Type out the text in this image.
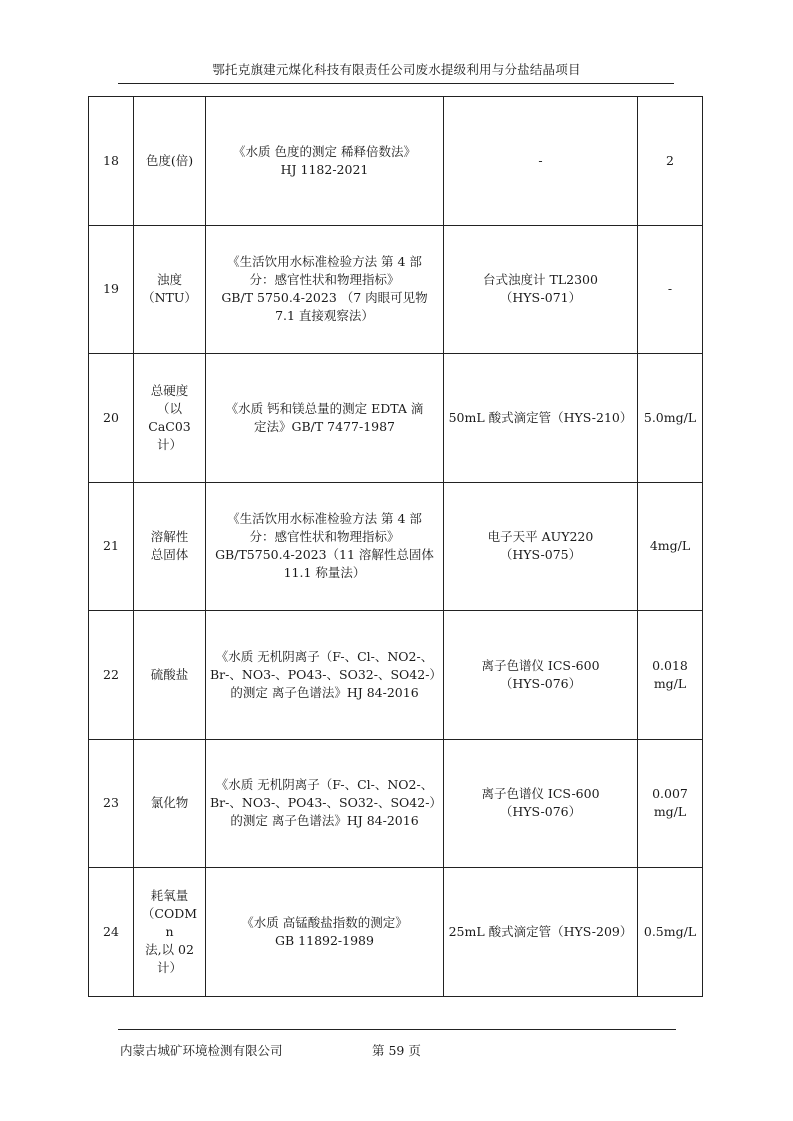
鄂托克旗建元煤化科技有限责任公司废水提级利用与分盐结晶项目
18	色度(倍)	《水质 色度的测定 稀释倍数法》
HJ 1182-2021	-	2

19	浊度
（NTU）	《生活饮用水标准检验方法 第 4 部
分：感官性状和物理指标》
GB/T 5750.4-2023 （7 肉眼可见物
7.1 直接观察法）	台式浊度计 TL2300
（HYS-071）	-

20	总硬度
（以
CaC03
计）	《水质 钙和镁总量的测定 EDTA 滴
定法》GB/T 7477-1987	50mL 酸式滴定管（HYS-210）	5.0mg/L

21	溶解性
总固体	《生活饮用水标准检验方法 第 4 部
分：感官性状和物理指标》
GB/T5750.4-2023（11 溶解性总固体
11.1 称量法）	电子天平 AUY220
（HYS-075）	4mg/L

22	硫酸盐	《水质 无机阴离子（F-、Cl-、NO2-、
Br-、NO3-、PO43-、SO32-、SO42-）
的测定 离子色谱法》HJ 84-2016	离子色谱仪 ICS-600
（HYS-076）	0.018
mg/L

23	氯化物	《水质 无机阴离子（F-、Cl-、NO2-、
Br-、NO3-、PO43-、SO32-、SO42-）
的测定 离子色谱法》HJ 84-2016	离子色谱仪 ICS-600
（HYS-076）	0.007
mg/L

24	耗氧量
（CODMn
法,以 02
计）	《水质 高锰酸盐指数的测定》
GB 11892-1989	25mL 酸式滴定管（HYS-209）	0.5mg/L
内蒙古城矿环境检测有限公司	第 59 页
